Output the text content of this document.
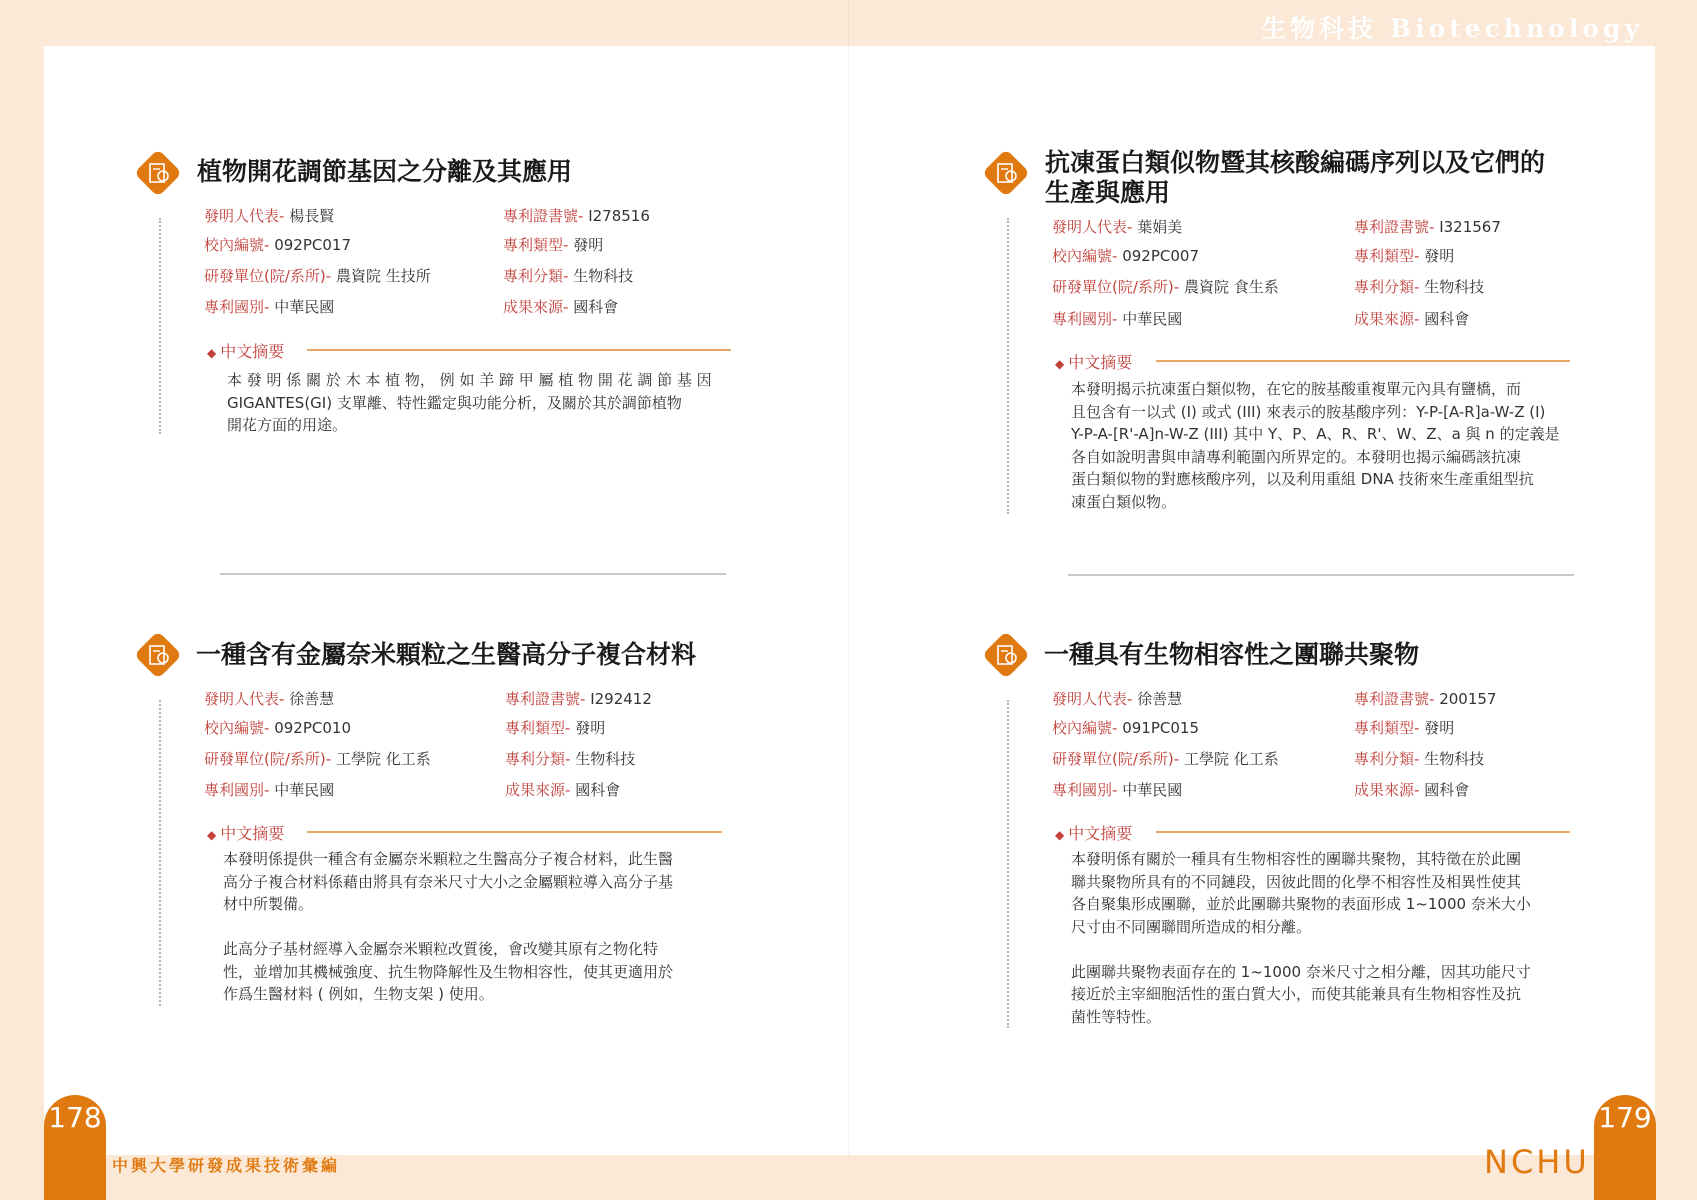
生物科技 Biotechnology
植物開花調節基因之分離及其應用
發明人代表- 楊長賢	專利證書號- I278516
校內編號- 092PC017	專利類型- 發明
研發單位(院/系所)- 農資院 生技所	專利分類- 生物科技
專利國別- 中華民國	成果來源- 國科會
◆ 中文摘要
本 發 明 係 關 於 木 本 植 物， 例 如 羊 蹄 甲 屬 植 物 開 花 調 節 基 因
GIGANTES(GI) 支單離、特性鑑定與功能分析，及關於其於調節植物
開花方面的用途。
抗凍蛋白類似物暨其核酸編碼序列以及它們的
生產與應用
發明人代表- 葉娟美	專利證書號- I321567
校內編號- 092PC007	專利類型- 發明
研發單位(院/系所)- 農資院 食生系	專利分類- 生物科技
專利國別- 中華民國	成果來源- 國科會
◆ 中文摘要
本發明揭示抗凍蛋白類似物，在它的胺基酸重複單元內具有鹽橋，而
且包含有一以式 (I) 或式 (III) 來表示的胺基酸序列：Y-P-[A-R]a-W-Z (I)
Y-P-A-[R'-A]n-W-Z (III) 其中 Y、P、A、R、R'、W、Z、a 與 n 的定義是
各自如說明書與申請專利範圍內所界定的。本發明也揭示編碼該抗凍
蛋白類似物的對應核酸序列，以及利用重組 DNA 技術來生產重組型抗
凍蛋白類似物。
一種含有金屬奈米顆粒之生醫高分子複合材料
發明人代表- 徐善慧	專利證書號- I292412
校內編號- 092PC010	專利類型- 發明
研發單位(院/系所)- 工學院 化工系	專利分類- 生物科技
專利國別- 中華民國	成果來源- 國科會
◆ 中文摘要
本發明係提供一種含有金屬奈米顆粒之生醫高分子複合材料，此生醫
高分子複合材料係藉由將具有奈米尺寸大小之金屬顆粒導入高分子基
材中所製備。

此高分子基材經導入金屬奈米顆粒改質後，會改變其原有之物化特
性，並增加其機械強度、抗生物降解性及生物相容性，使其更適用於
作爲生醫材料 ( 例如，生物支架 ) 使用。
一種具有生物相容性之團聯共聚物
發明人代表- 徐善慧	專利證書號- 200157
校內編號- 091PC015	專利類型- 發明
研發單位(院/系所)- 工學院 化工系	專利分類- 生物科技
專利國別- 中華民國	成果來源- 國科會
◆ 中文摘要
本發明係有關於一種具有生物相容性的團聯共聚物，其特徵在於此團
聯共聚物所具有的不同鏈段，因彼此間的化學不相容性及相異性使其
各自聚集形成團聯，並於此團聯共聚物的表面形成 1~1000 奈米大小
尺寸由不同團聯間所造成的相分離。

此團聯共聚物表面存在的 1~1000 奈米尺寸之相分離，因其功能尺寸
接近於主宰細胞活性的蛋白質大小，而使其能兼具有生物相容性及抗
菌性等特性。
178	179
中興大學研發成果技術彙編	NCHU
